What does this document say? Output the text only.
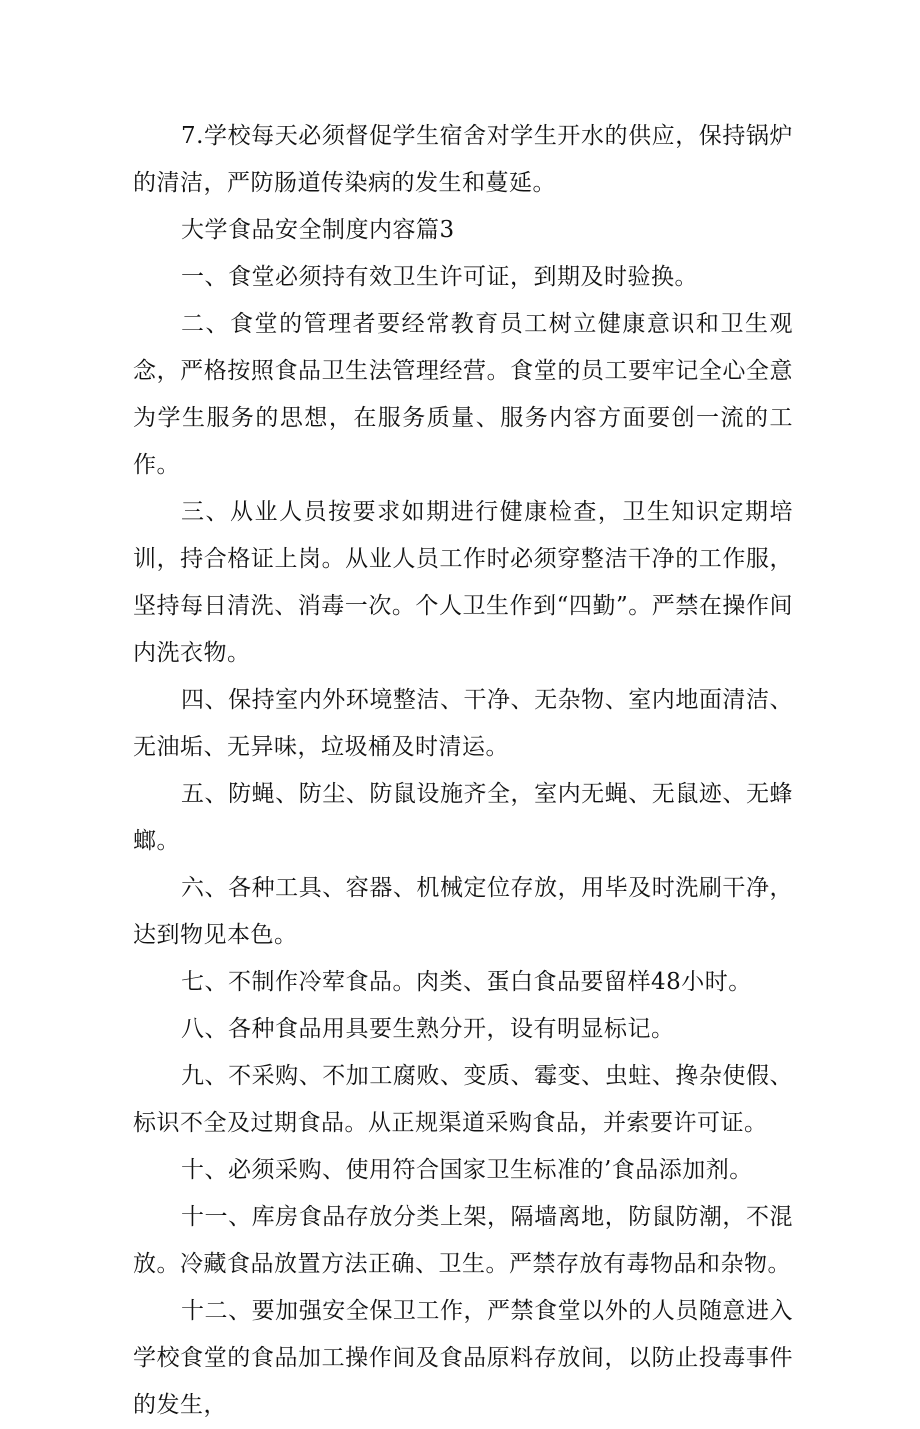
7.学校每天必须督促学生宿舍对学生开水的供应，保持锅炉的清洁，严防肠道传染病的发生和蔓延。

大学食品安全制度内容篇3

一、食堂必须持有效卫生许可证，到期及时验换。

二、食堂的管理者要经常教育员工树立健康意识和卫生观念，严格按照食品卫生法管理经营。食堂的员工要牢记全心全意为学生服务的思想，在服务质量、服务内容方面要创一流的工作。

三、从业人员按要求如期进行健康检查，卫生知识定期培训，持合格证上岗。从业人员工作时必须穿整洁干净的工作服，坚持每日清洗、消毒一次。个人卫生作到“四勤”。严禁在操作间内洗衣物。

四、保持室内外环境整洁、干净、无杂物、室内地面清洁、无油垢、无异味，垃圾桶及时清运。

五、防蝇、防尘、防鼠设施齐全，室内无蝇、无鼠迹、无蜂螂。

六、各种工具、容器、机械定位存放，用毕及时洗刷干净，达到物见本色。

七、不制作冷荤食品。肉类、蛋白食品要留样48小时。

八、各种食品用具要生熟分开，设有明显标记。

九、不采购、不加工腐败、变质、霉变、虫蛀、搀杂使假、标识不全及过期食品。从正规渠道采购食品，并索要许可证。

十、必须采购、使用符合国家卫生标准的’食品添加剂。

十一、库房食品存放分类上架，隔墙离地，防鼠防潮，不混放。冷藏食品放置方法正确、卫生。严禁存放有毒物品和杂物。

十二、要加强安全保卫工作，严禁食堂以外的人员随意进入学校食堂的食品加工操作间及食品原料存放间，以防止投毒事件的发生，
